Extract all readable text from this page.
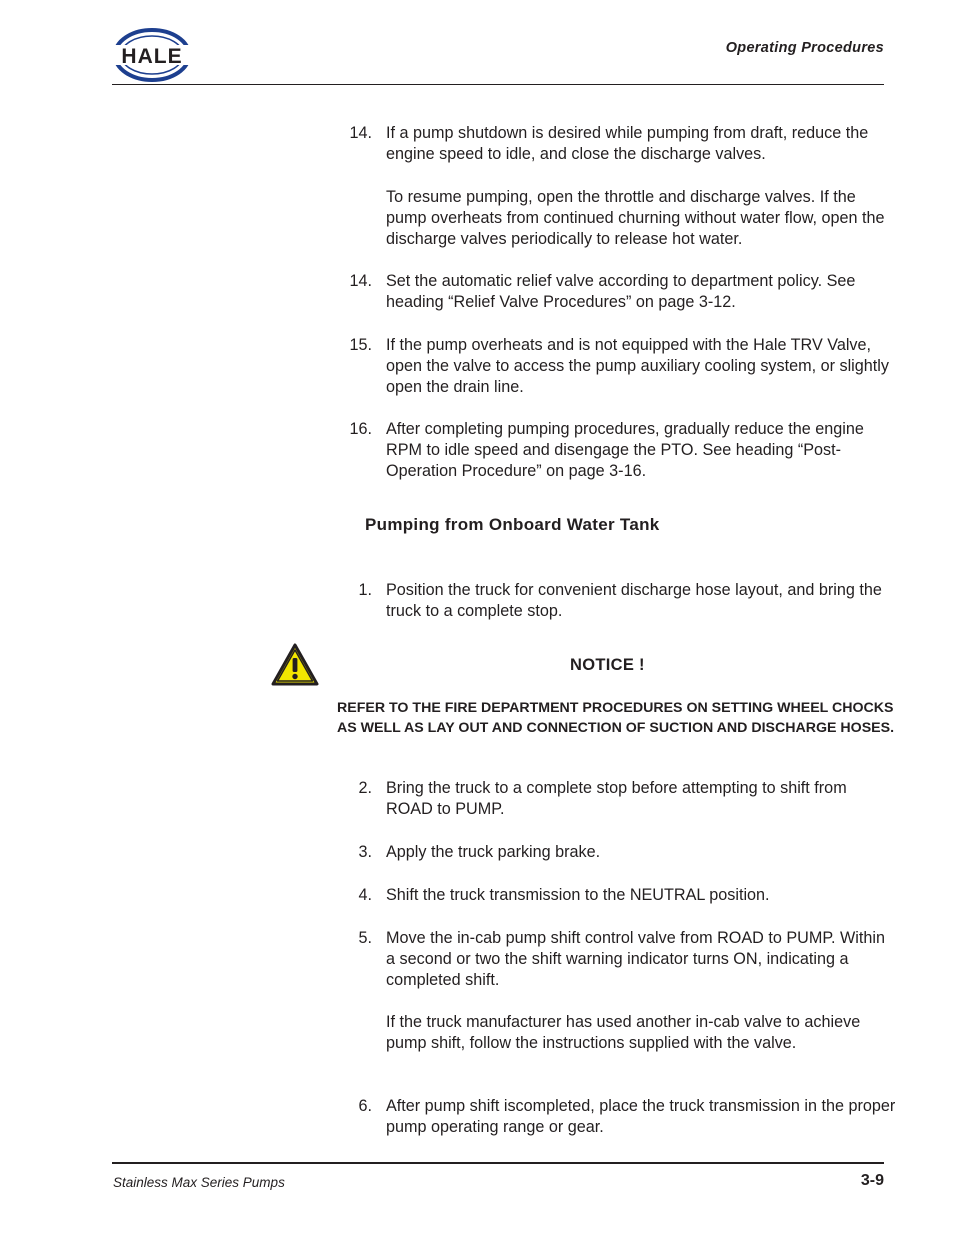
HALE	Operating Procedures
14. If a pump shutdown is desired while pumping from draft, reduce the engine speed to idle, and close the discharge valves.
To resume pumping, open the throttle and discharge valves. If the pump overheats from continued churning without water flow, open the discharge valves periodically to release hot water.
14. Set the automatic relief valve according to department policy. See heading “Relief Valve Procedures” on page 3-12.
15. If the pump overheats and is not equipped with the Hale TRV Valve, open the valve to access the pump auxiliary cooling system, or slightly open the drain line.
16. After completing pumping procedures, gradually reduce the engine RPM to idle speed and disengage the PTO. See heading “Post-Operation Procedure” on page 3-16.
Pumping from Onboard Water Tank
1. Position the truck for convenient discharge hose layout, and bring the truck to a complete stop.
NOTICE !
REFER TO THE FIRE DEPARTMENT PROCEDURES ON SETTING WHEEL CHOCKS AS WELL AS LAY OUT AND CONNECTION OF SUCTION AND DISCHARGE HOSES.
2. Bring the truck to a complete stop before attempting to shift from ROAD to PUMP.
3. Apply the truck parking brake.
4. Shift the truck transmission to the NEUTRAL position.
5. Move the in-cab pump shift control valve from ROAD to PUMP. Within a second or two the shift warning indicator turns ON, indicating a completed shift.
If the truck manufacturer has used another in-cab valve to achieve pump shift, follow the instructions supplied with the valve.
6. After pump shift iscompleted, place the truck transmission in the proper pump operating range or gear.
Stainless Max Series Pumps	3-9
